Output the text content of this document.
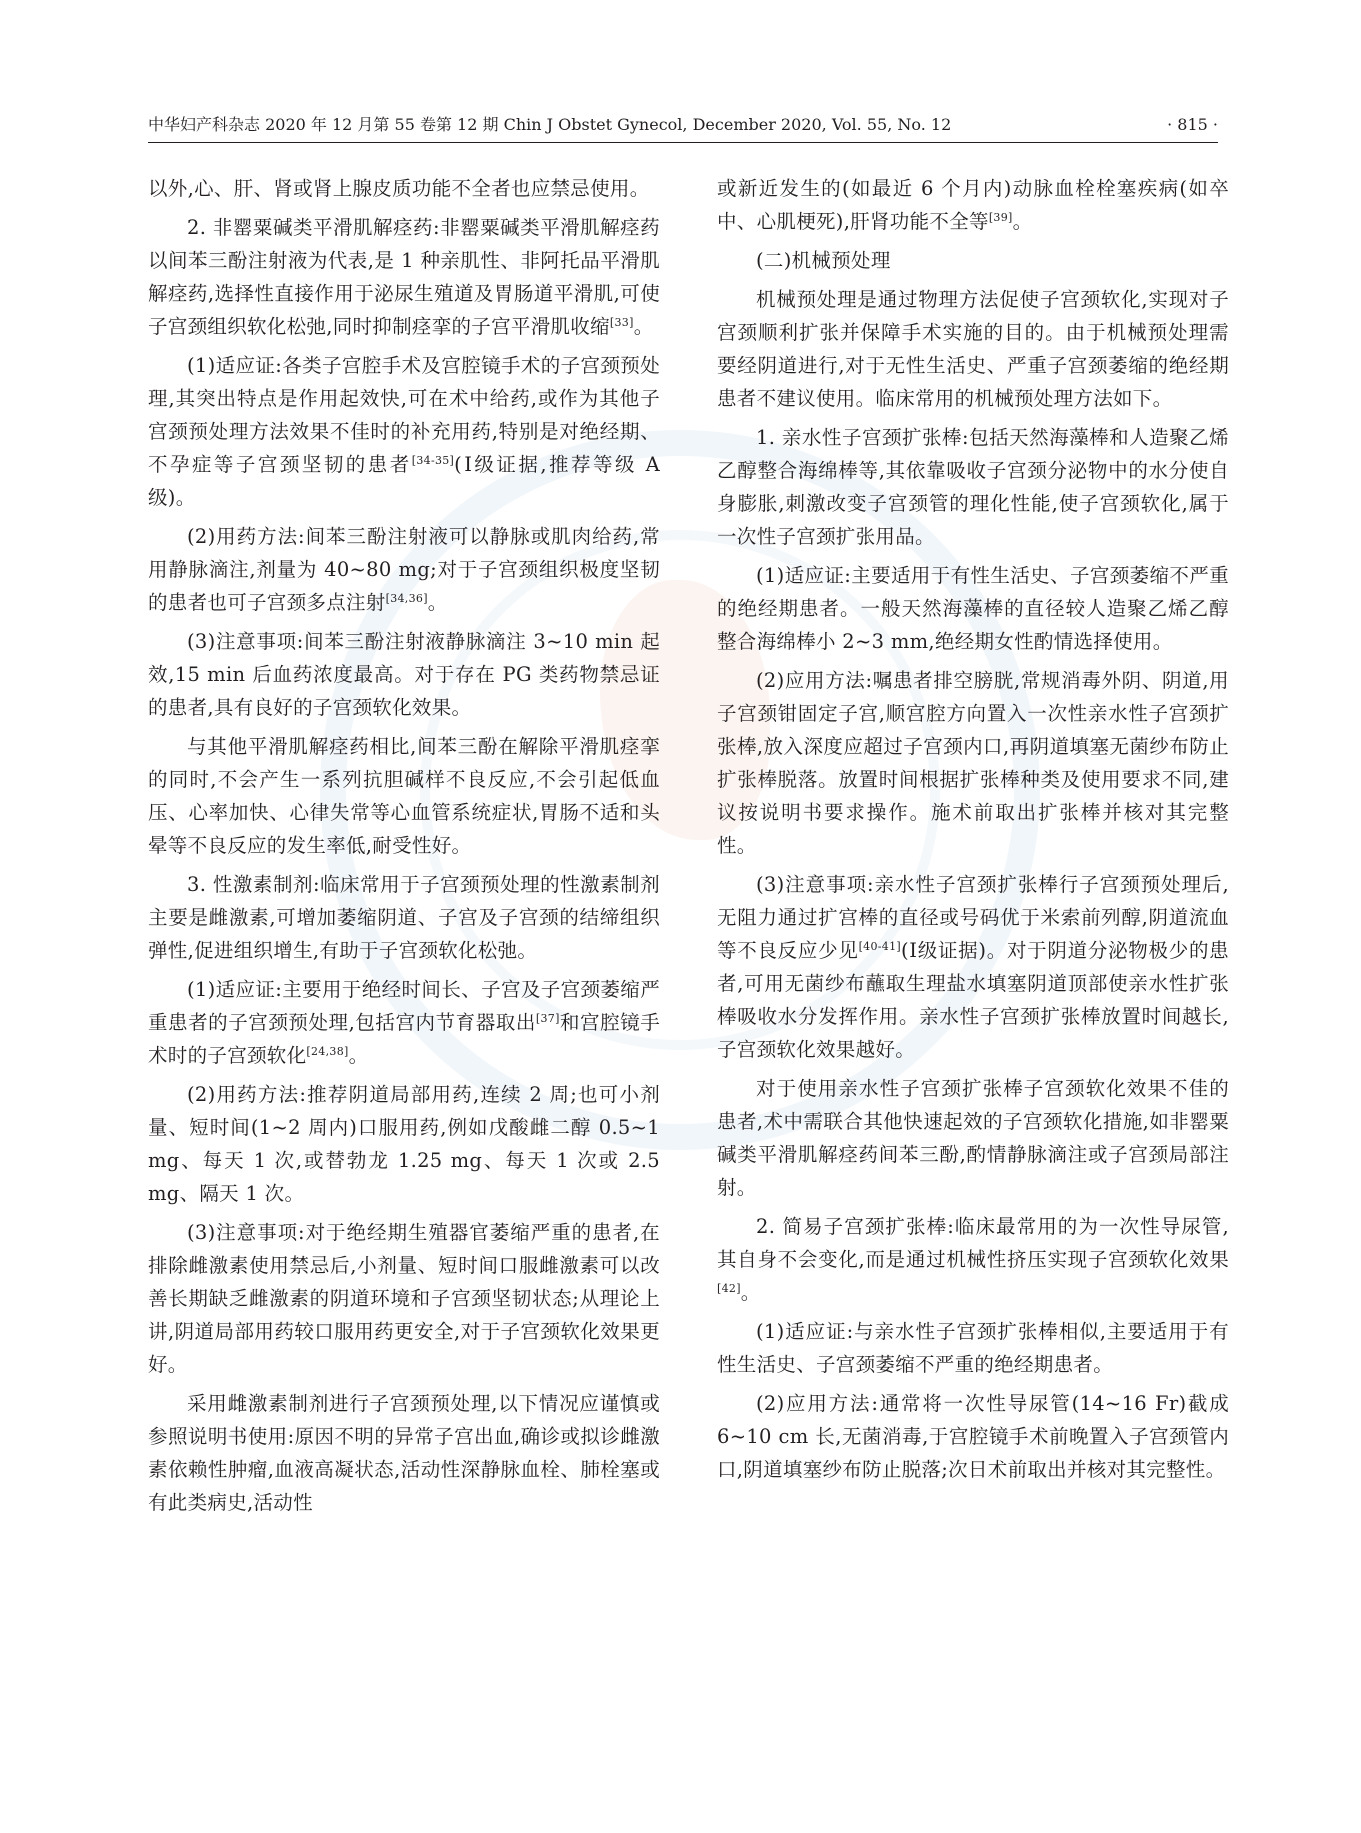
中华妇产科杂志 2020 年 12 月第 55 卷第 12 期 Chin J Obstet Gynecol, December 2020, Vol. 55, No. 12	· 815 ·

以外,心、肝、肾或肾上腺皮质功能不全者也应禁忌使用。

2. 非罂粟碱类平滑肌解痉药:非罂粟碱类平滑肌解痉药以间苯三酚注射液为代表,是 1 种亲肌性、非阿托品平滑肌解痉药,选择性直接作用于泌尿生殖道及胃肠道平滑肌,可使子宫颈组织软化松弛,同时抑制痉挛的子宫平滑肌收缩[33]。

(1)适应证:各类子宫腔手术及宫腔镜手术的子宫颈预处理,其突出特点是作用起效快,可在术中给药,或作为其他子宫颈预处理方法效果不佳时的补充用药,特别是对绝经期、不孕症等子宫颈坚韧的患者[34-35](Ⅰ级证据,推荐等级 A 级)。

(2)用药方法:间苯三酚注射液可以静脉或肌肉给药,常用静脉滴注,剂量为 40~80 mg;对于子宫颈组织极度坚韧的患者也可子宫颈多点注射[34,36]。

(3)注意事项:间苯三酚注射液静脉滴注 3~10 min 起效,15 min 后血药浓度最高。对于存在 PG 类药物禁忌证的患者,具有良好的子宫颈软化效果。

与其他平滑肌解痉药相比,间苯三酚在解除平滑肌痉挛的同时,不会产生一系列抗胆碱样不良反应,不会引起低血压、心率加快、心律失常等心血管系统症状,胃肠不适和头晕等不良反应的发生率低,耐受性好。

3. 性激素制剂:临床常用于子宫颈预处理的性激素制剂主要是雌激素,可增加萎缩阴道、子宫及子宫颈的结缔组织弹性,促进组织增生,有助于子宫颈软化松弛。

(1)适应证:主要用于绝经时间长、子宫及子宫颈萎缩严重患者的子宫颈预处理,包括宫内节育器取出[37]和宫腔镜手术时的子宫颈软化[24,38]。

(2)用药方法:推荐阴道局部用药,连续 2 周;也可小剂量、短时间(1~2 周内)口服用药,例如戊酸雌二醇 0.5~1 mg、每天 1 次,或替勃龙 1.25 mg、每天 1 次或 2.5 mg、隔天 1 次。

(3)注意事项:对于绝经期生殖器官萎缩严重的患者,在排除雌激素使用禁忌后,小剂量、短时间口服雌激素可以改善长期缺乏雌激素的阴道环境和子宫颈坚韧状态;从理论上讲,阴道局部用药较口服用药更安全,对于子宫颈软化效果更好。

采用雌激素制剂进行子宫颈预处理,以下情况应谨慎或参照说明书使用:原因不明的异常子宫出血,确诊或拟诊雌激素依赖性肿瘤,血液高凝状态,活动性深静脉血栓、肺栓塞或有此类病史,活动性

或新近发生的(如最近 6 个月内)动脉血栓栓塞疾病(如卒中、心肌梗死),肝肾功能不全等[39]。

(二)机械预处理

机械预处理是通过物理方法促使子宫颈软化,实现对子宫颈顺利扩张并保障手术实施的目的。由于机械预处理需要经阴道进行,对于无性生活史、严重子宫颈萎缩的绝经期患者不建议使用。临床常用的机械预处理方法如下。

1. 亲水性子宫颈扩张棒:包括天然海藻棒和人造聚乙烯乙醇整合海绵棒等,其依靠吸收子宫颈分泌物中的水分使自身膨胀,刺激改变子宫颈管的理化性能,使子宫颈软化,属于一次性子宫颈扩张用品。

(1)适应证:主要适用于有性生活史、子宫颈萎缩不严重的绝经期患者。一般天然海藻棒的直径较人造聚乙烯乙醇整合海绵棒小 2~3 mm,绝经期女性酌情选择使用。

(2)应用方法:嘱患者排空膀胱,常规消毒外阴、阴道,用子宫颈钳固定子宫,顺宫腔方向置入一次性亲水性子宫颈扩张棒,放入深度应超过子宫颈内口,再阴道填塞无菌纱布防止扩张棒脱落。放置时间根据扩张棒种类及使用要求不同,建议按说明书要求操作。施术前取出扩张棒并核对其完整性。

(3)注意事项:亲水性子宫颈扩张棒行子宫颈预处理后,无阻力通过扩宫棒的直径或号码优于米索前列醇,阴道流血等不良反应少见[40-41](Ⅰ级证据)。对于阴道分泌物极少的患者,可用无菌纱布蘸取生理盐水填塞阴道顶部使亲水性扩张棒吸收水分发挥作用。亲水性子宫颈扩张棒放置时间越长,子宫颈软化效果越好。

对于使用亲水性子宫颈扩张棒子宫颈软化效果不佳的患者,术中需联合其他快速起效的子宫颈软化措施,如非罂粟碱类平滑肌解痉药间苯三酚,酌情静脉滴注或子宫颈局部注射。

2. 简易子宫颈扩张棒:临床最常用的为一次性导尿管,其自身不会变化,而是通过机械性挤压实现子宫颈软化效果[42]。

(1)适应证:与亲水性子宫颈扩张棒相似,主要适用于有性生活史、子宫颈萎缩不严重的绝经期患者。

(2)应用方法:通常将一次性导尿管(14~16 Fr)截成 6~10 cm 长,无菌消毒,于宫腔镜手术前晚置入子宫颈管内口,阴道填塞纱布防止脱落;次日术前取出并核对其完整性。
